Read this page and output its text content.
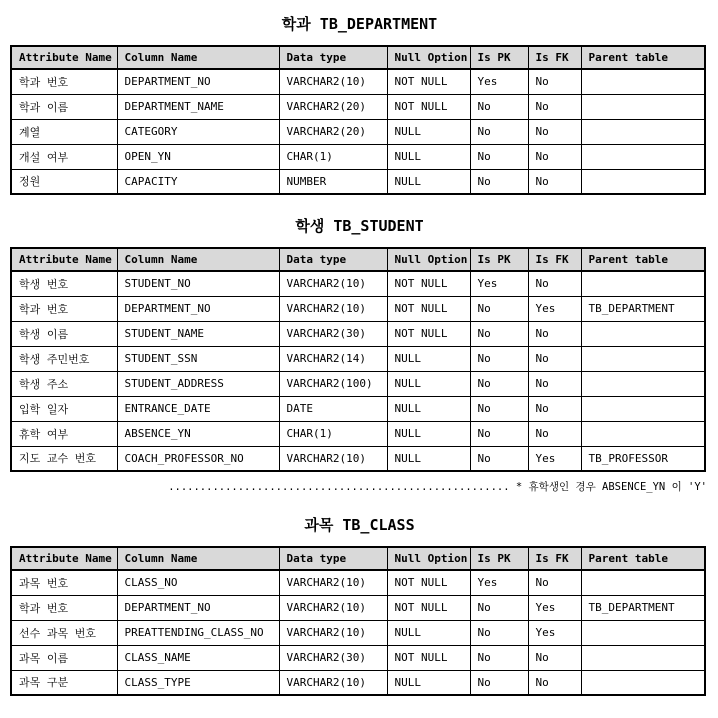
학과 TB_DEPARTMENT
Attribute Name	Column Name	Data type	Null Option	Is PK	Is FK	Parent table
학과 번호	DEPARTMENT_NO	VARCHAR2(10)	NOT NULL	Yes	No	
학과 이름	DEPARTMENT_NAME	VARCHAR2(20)	NOT NULL	No	No	
계열	CATEGORY	VARCHAR2(20)	NULL	No	No	
개설 여부	OPEN_YN	CHAR(1)	NULL	No	No	
정원	CAPACITY	NUMBER	NULL	No	No	
학생 TB_STUDENT
Attribute Name	Column Name	Data type	Null Option	Is PK	Is FK	Parent table
학생 번호	STUDENT_NO	VARCHAR2(10)	NOT NULL	Yes	No	
학과 번호	DEPARTMENT_NO	VARCHAR2(10)	NOT NULL	No	Yes	TB_DEPARTMENT
학생 이름	STUDENT_NAME	VARCHAR2(30)	NOT NULL	No	No	
학생 주민번호	STUDENT_SSN	VARCHAR2(14)	NULL	No	No	
학생 주소	STUDENT_ADDRESS	VARCHAR2(100)	NULL	No	No	
입학 일자	ENTRANCE_DATE	DATE	NULL	No	No	
휴학 여부	ABSENCE_YN	CHAR(1)	NULL	No	No	
지도 교수 번호	COACH_PROFESSOR_NO	VARCHAR2(10)	NULL	No	Yes	TB_PROFESSOR
...................................................... * 휴학생인 경우 ABSENCE_YN 이 'Y'
과목 TB_CLASS
Attribute Name	Column Name	Data type	Null Option	Is PK	Is FK	Parent table
과목 번호	CLASS_NO	VARCHAR2(10)	NOT NULL	Yes	No	
학과 번호	DEPARTMENT_NO	VARCHAR2(10)	NOT NULL	No	Yes	TB_DEPARTMENT
선수 과목 번호	PREATTENDING_CLASS_NO	VARCHAR2(10)	NULL	No	Yes	
과목 이름	CLASS_NAME	VARCHAR2(30)	NOT NULL	No	No	
과목 구분	CLASS_TYPE	VARCHAR2(10)	NULL	No	No	
